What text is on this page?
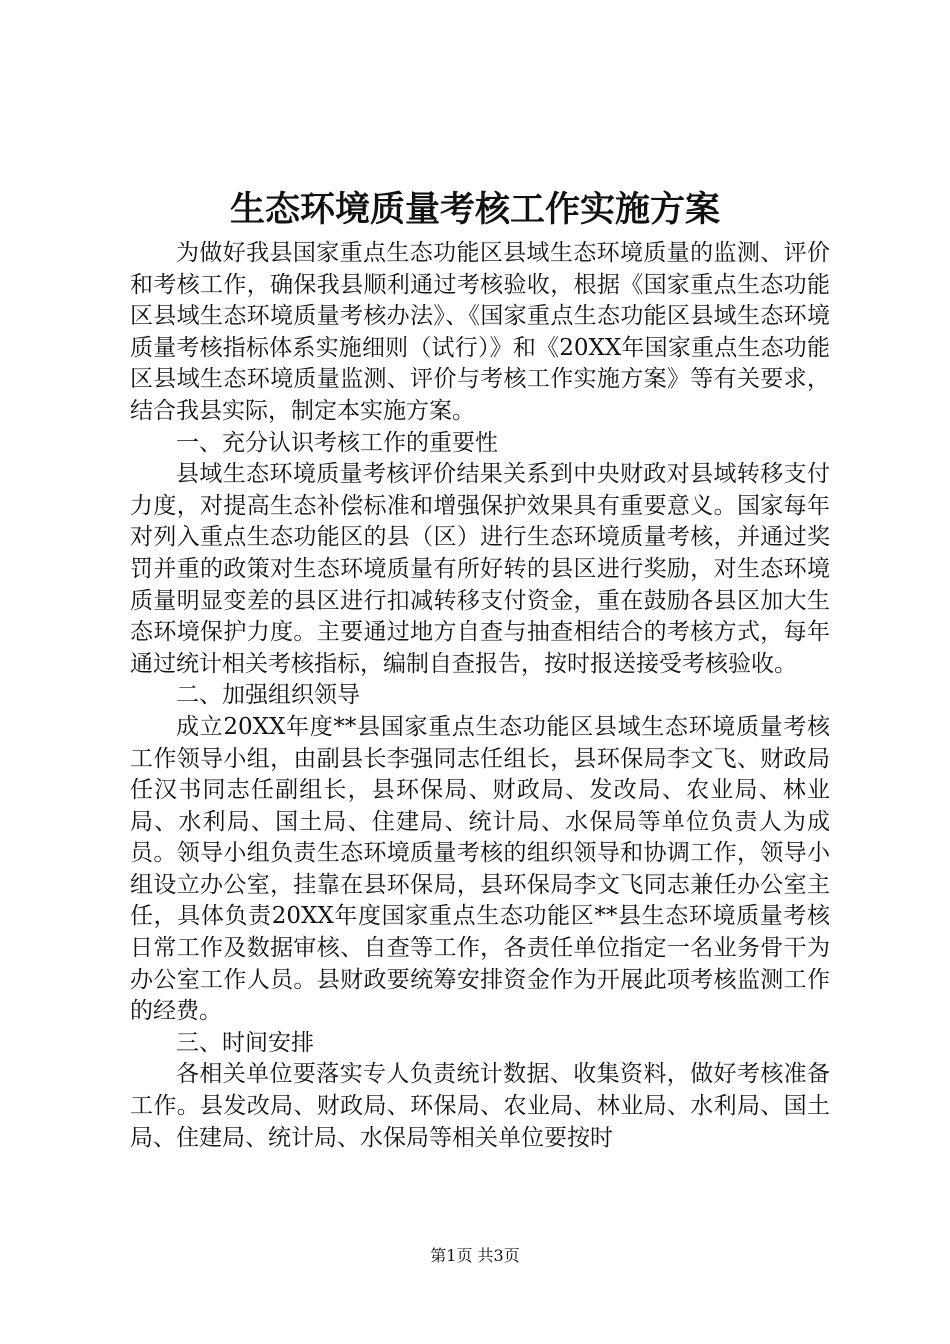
生态环境质量考核工作实施方案

为做好我县国家重点生态功能区县域生态环境质量的监测、评价和考核工作，确保我县顺利通过考核验收，根据《国家重点生态功能区县域生态环境质量考核办法》、《国家重点生态功能区县域生态环境质量考核指标体系实施细则（试行）》和《20XX年国家重点生态功能区县域生态环境质量监测、评价与考核工作实施方案》等有关要求，结合我县实际，制定本实施方案。

一、充分认识考核工作的重要性

县域生态环境质量考核评价结果关系到中央财政对县域转移支付力度，对提高生态补偿标准和增强保护效果具有重要意义。国家每年对列入重点生态功能区的县（区）进行生态环境质量考核，并通过奖罚并重的政策对生态环境质量有所好转的县区进行奖励，对生态环境质量明显变差的县区进行扣减转移支付资金，重在鼓励各县区加大生态环境保护力度。主要通过地方自查与抽查相结合的考核方式，每年通过统计相关考核指标，编制自查报告，按时报送接受考核验收。

二、加强组织领导

成立20XX年度**县国家重点生态功能区县域生态环境质量考核工作领导小组，由副县长李强同志任组长，县环保局李文飞、财政局任汉书同志任副组长，县环保局、财政局、发改局、农业局、林业局、水利局、国土局、住建局、统计局、水保局等单位负责人为成员。领导小组负责生态环境质量考核的组织领导和协调工作，领导小组设立办公室，挂靠在县环保局，县环保局李文飞同志兼任办公室主任，具体负责20XX年度国家重点生态功能区**县生态环境质量考核日常工作及数据审核、自查等工作，各责任单位指定一名业务骨干为办公室工作人员。县财政要统筹安排资金作为开展此项考核监测工作的经费。

三、时间安排

各相关单位要落实专人负责统计数据、收集资料，做好考核准备工作。县发改局、财政局、环保局、农业局、林业局、水利局、国土局、住建局、统计局、水保局等相关单位要按时

第1页 共3页
